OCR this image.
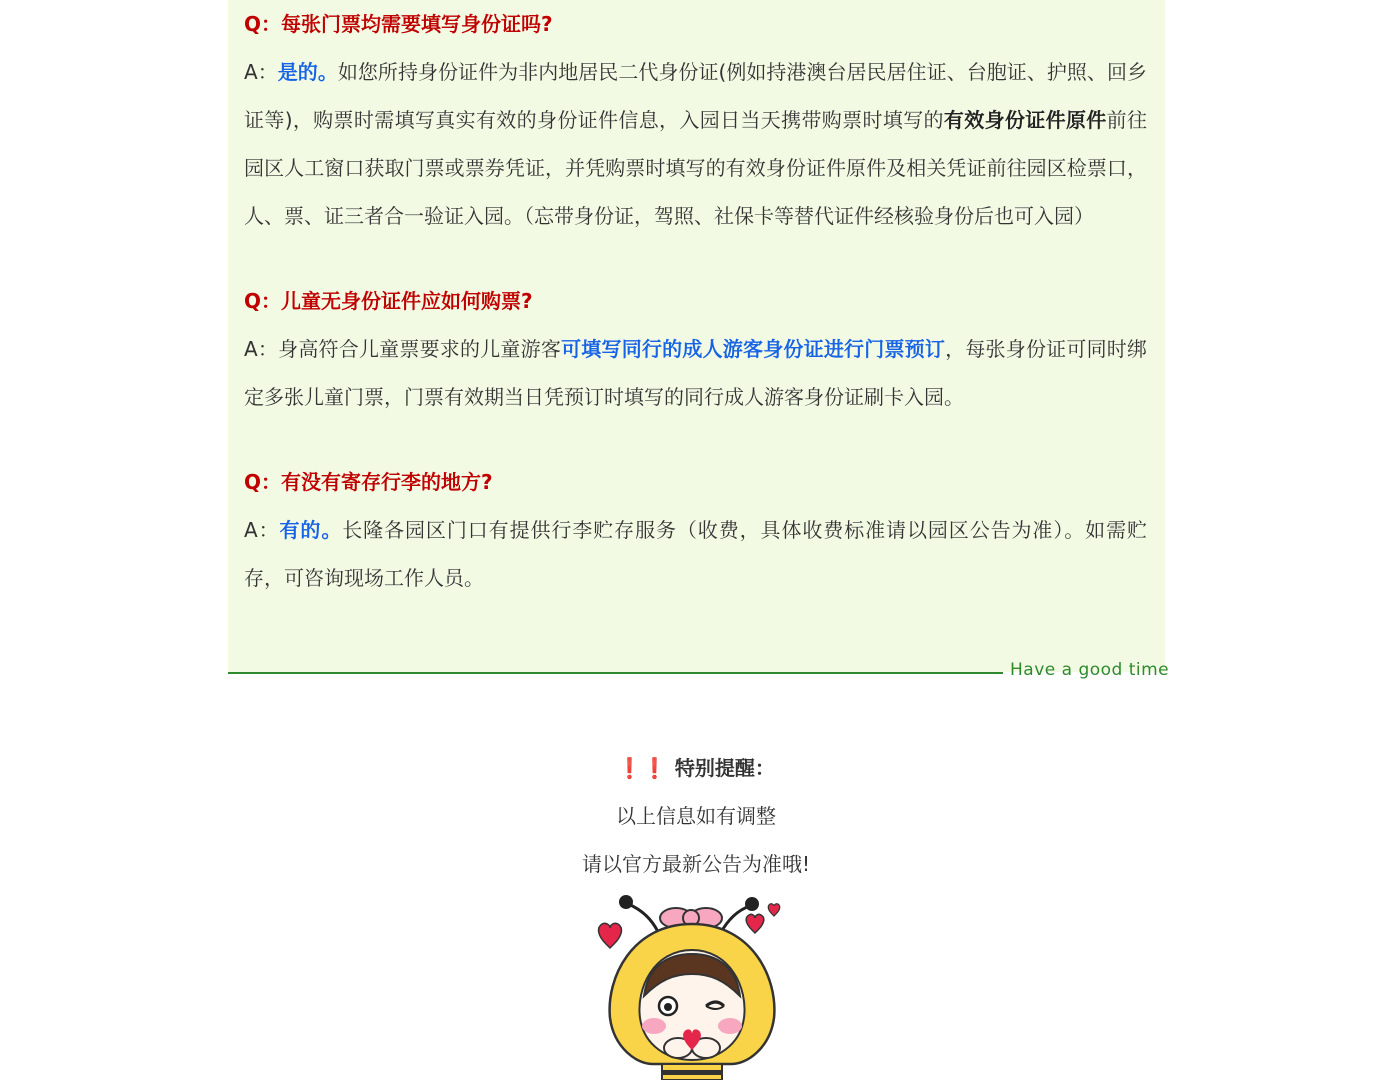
Q：每张门票均需要填写身份证吗?
A：是的。如您所持身份证件为非内地居民二代身份证(例如持港澳台居民居住证、台胞证、护照、回乡证等)，购票时需填写真实有效的身份证件信息，入园日当天携带购票时填写的有效身份证件原件前往园区人工窗口获取门票或票券凭证，并凭购票时填写的有效身份证件原件及相关凭证前往园区检票口，人、票、证三者合一验证入园。（忘带身份证，驾照、社保卡等替代证件经核验身份后也可入园）
Q：儿童无身份证件应如何购票?
A：身高符合儿童票要求的儿童游客可填写同行的成人游客身份证进行门票预订，每张身份证可同时绑定多张儿童门票，门票有效期当日凭预订时填写的同行成人游客身份证刷卡入园。
Q：有没有寄存行李的地方?
A：有的。长隆各园区门口有提供行李贮存服务（收费，具体收费标准请以园区公告为准）。如需贮存，可咨询现场工作人员。
Have a good time
❗❗ 特别提醒：
以上信息如有调整
请以官方最新公告为准哦!
